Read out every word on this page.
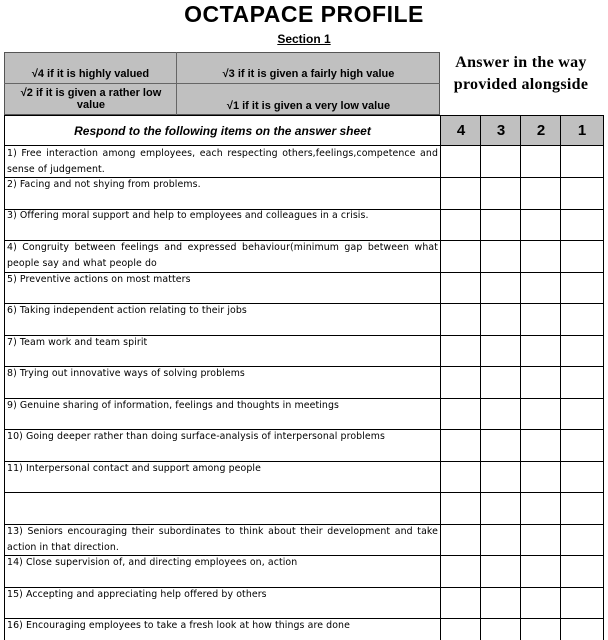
OCTAPACE PROFILE
Section 1
√4 if it is highly valued	√3 if it is given a fairly high value
√2 if it is given a rather low value	√1 if it is given a very low value
Answer in the way provided alongside
Respond to the following items on the answer sheet	4	3	2	1
1) Free interaction among employees, each respecting others,feelings,competence and sense of judgement.
2) Facing and not shying from problems.
3) Offering moral support and help to employees and colleagues in a crisis.
4) Congruity between feelings and expressed behaviour(minimum gap between what people say and what people do
5) Preventive actions on most matters
6) Taking independent action relating to their jobs
7) Team work and team spirit
8) Trying out innovative ways of solving problems
9) Genuine sharing of information, feelings and thoughts in meetings
10) Going deeper rather than doing surface-analysis of interpersonal problems
11) Interpersonal contact and support among people
13) Seniors encouraging their subordinates to think about their development and take action in that direction.
14) Close supervision of, and directing employees on, action
15) Accepting and appreciating help offered by others
16) Encouraging employees to take a fresh look at how things are done
